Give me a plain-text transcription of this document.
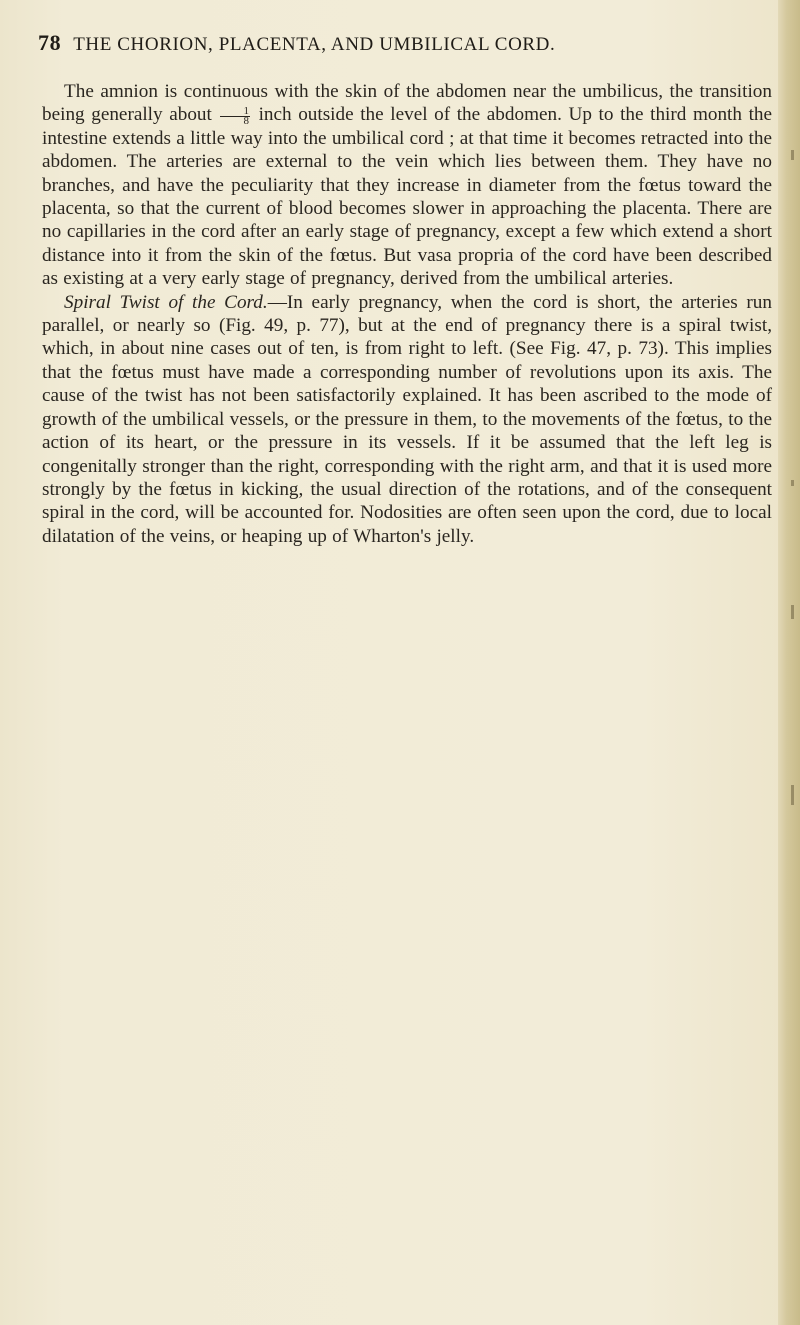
78 THE CHORION, PLACENTA, AND UMBILICAL CORD.

The amnion is continuous with the skin of the abdomen near the umbilicus, the transition being generally about $\frac{1}{8}$ inch outside the level of the abdomen. Up to the third month the intestine extends a little way into the umbilical cord ; at that time it becomes retracted into the abdomen. The arteries are external to the vein which lies between them. They have no branches, and have the peculiarity that they increase in diameter from the fœtus toward the placenta, so that the current of blood becomes slower in approaching the placenta. There are no capillaries in the cord after an early stage of pregnancy, except a few which extend a short distance into it from the skin of the fœtus. But vasa propria of the cord have been described as existing at a very early stage of pregnancy, derived from the umbilical arteries.

Spiral Twist of the Cord.—In early pregnancy, when the cord is short, the arteries run parallel, or nearly so (Fig. 49, p. 77), but at the end of pregnancy there is a spiral twist, which, in about nine cases out of ten, is from right to left. (See Fig. 47, p. 73). This implies that the fœtus must have made a corresponding number of revolutions upon its axis. The cause of the twist has not been satisfactorily explained. It has been ascribed to the mode of growth of the umbilical vessels, or the pressure in them, to the movements of the fœtus, to the action of its heart, or the pressure in its vessels. If it be assumed that the left leg is congenitally stronger than the right, corresponding with the right arm, and that it is used more strongly by the fœtus in kicking, the usual direction of the rotations, and of the consequent spiral in the cord, will be accounted for. Nodosities are often seen upon the cord, due to local dilatation of the veins, or heaping up of Wharton's jelly.
